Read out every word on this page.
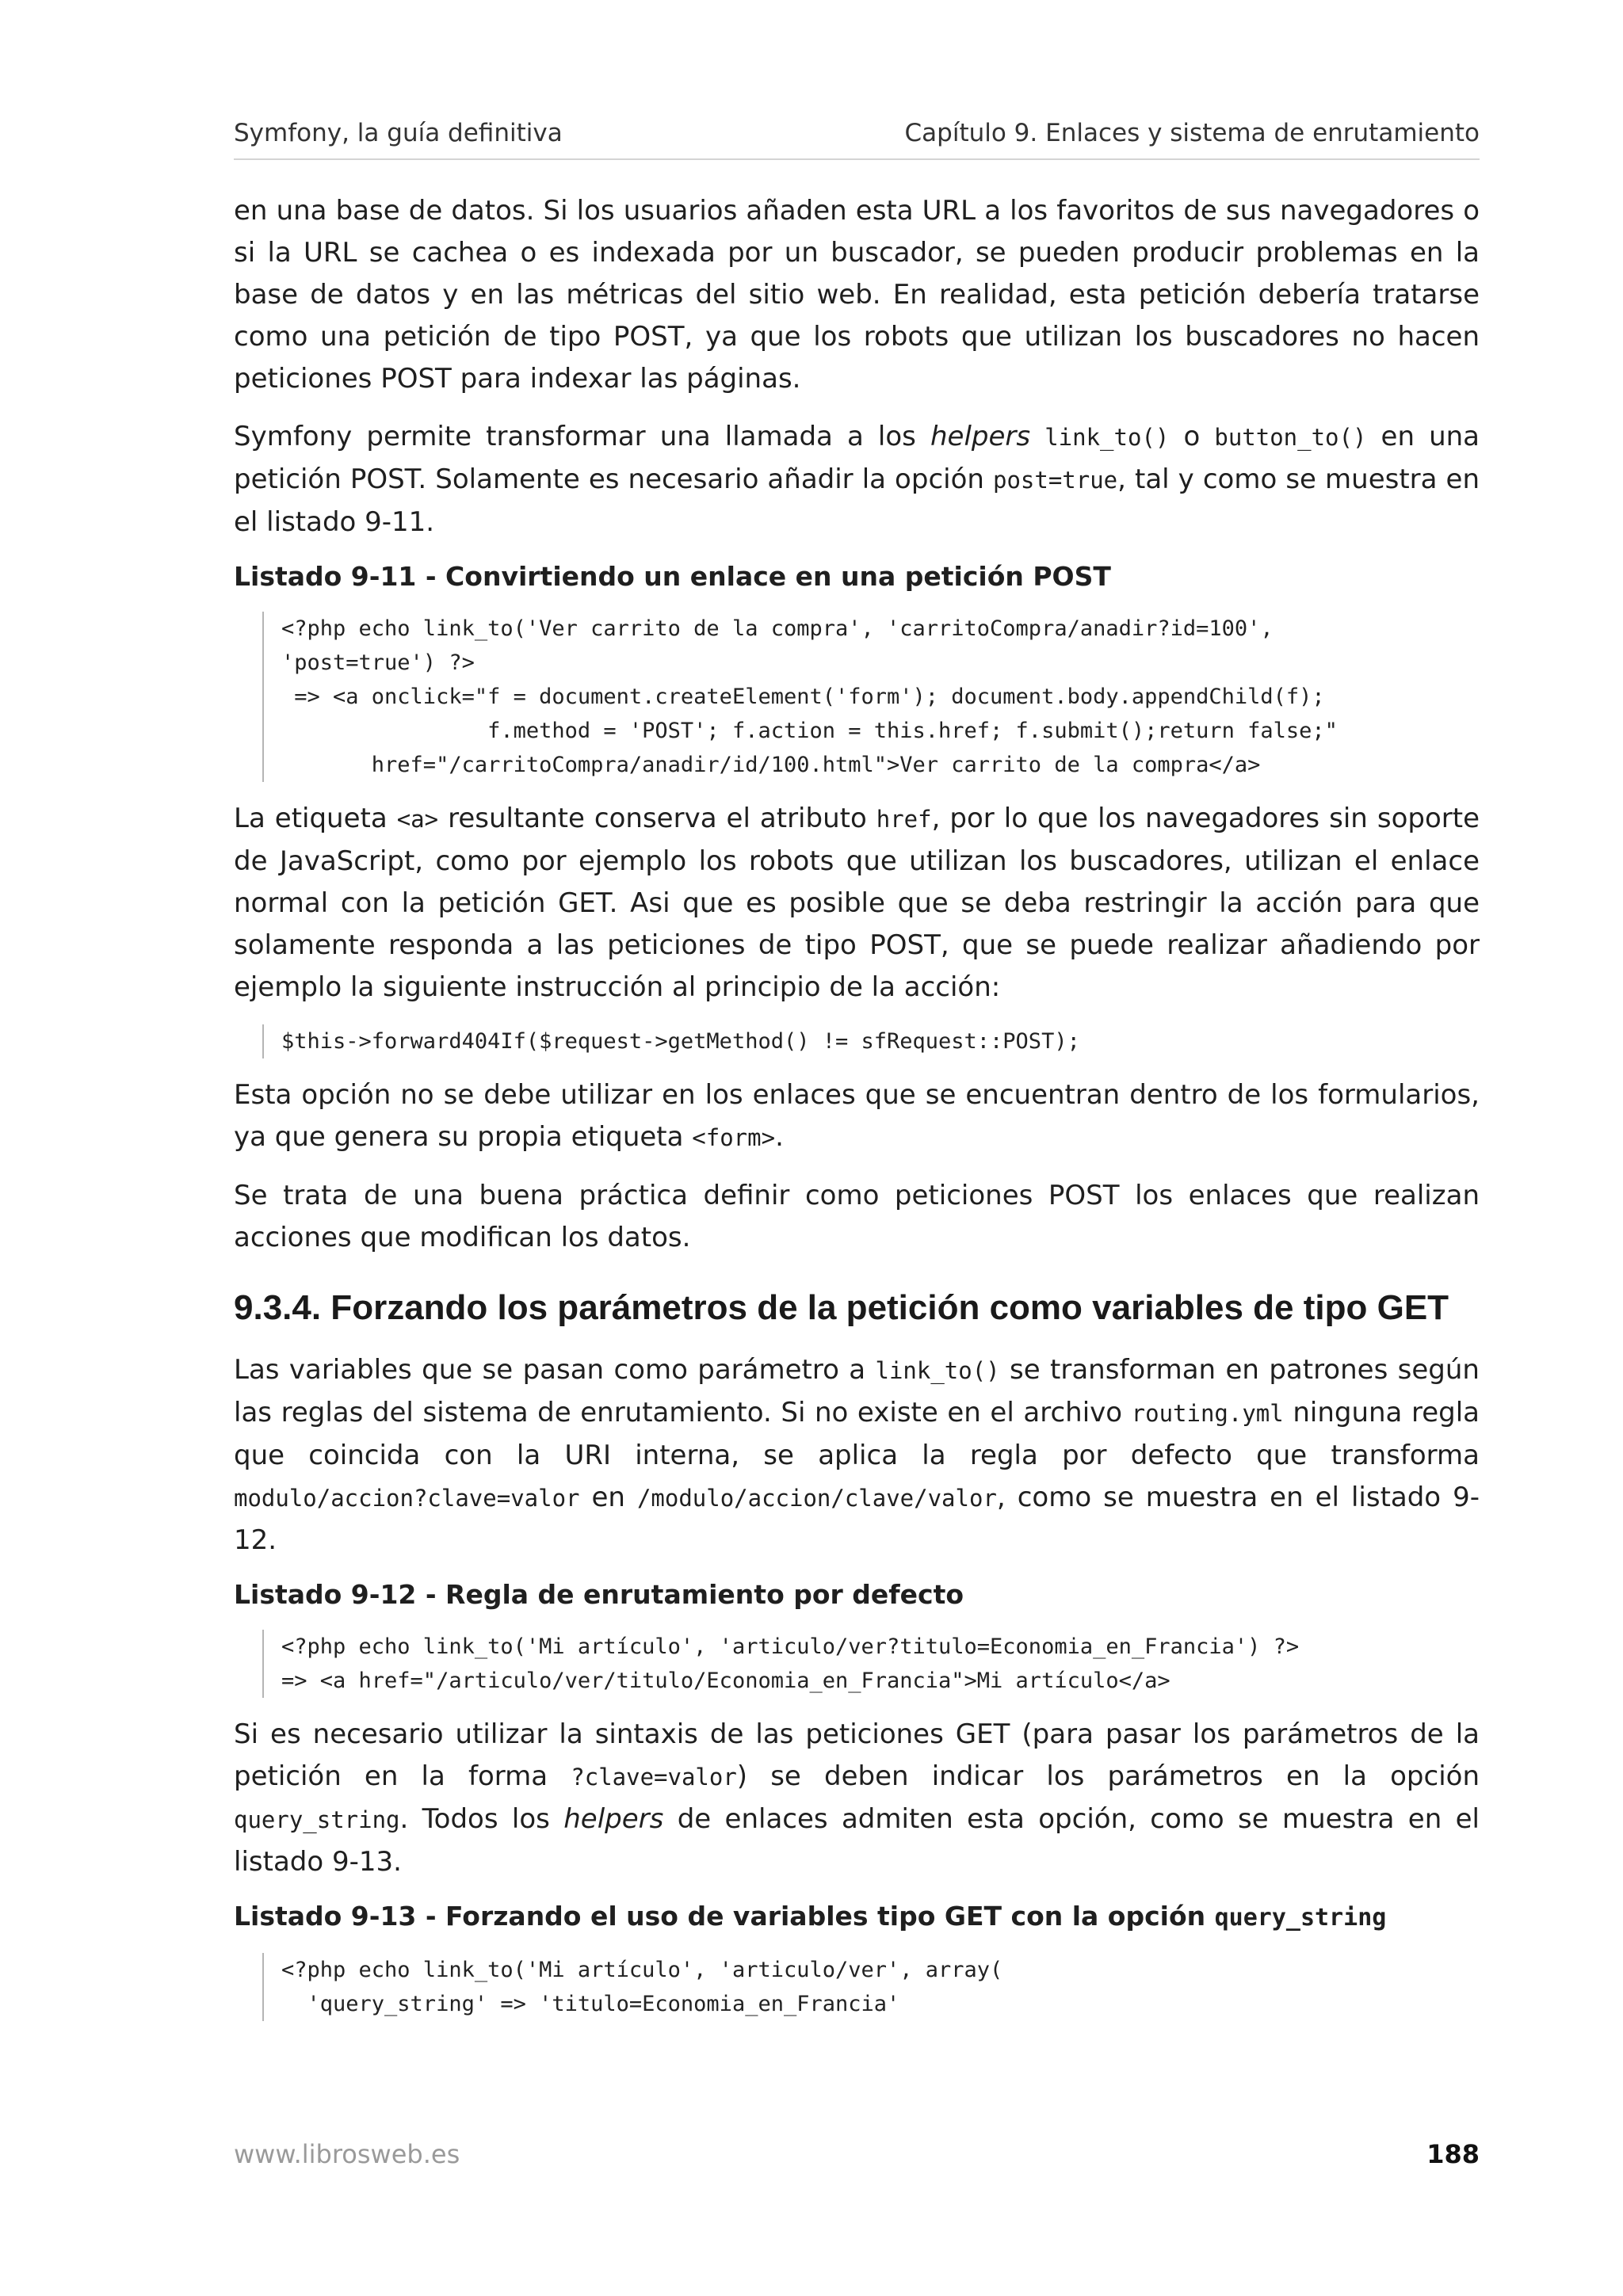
Symfony, la guía definitiva	Capítulo 9. Enlaces y sistema de enrutamiento

en una base de datos. Si los usuarios añaden esta URL a los favoritos de sus navegadores o si la URL se cachea o es indexada por un buscador, se pueden producir problemas en la base de datos y en las métricas del sitio web. En realidad, esta petición debería tratarse como una petición de tipo POST, ya que los robots que utilizan los buscadores no hacen peticiones POST para indexar las páginas.

Symfony permite transformar una llamada a los helpers link_to() o button_to() en una petición POST. Solamente es necesario añadir la opción post=true, tal y como se muestra en el listado 9-11.

Listado 9-11 - Convirtiendo un enlace en una petición POST
<?php echo link_to('Ver carrito de la compra', 'carritoCompra/anadir?id=100',
'post=true') ?>
=> <a onclick="f = document.createElement('form'); document.body.appendChild(f);
f.method = 'POST'; f.action = this.href; f.submit();return false;"
href="/carritoCompra/anadir/id/100.html">Ver carrito de la compra</a>

La etiqueta <a> resultante conserva el atributo href, por lo que los navegadores sin soporte de JavaScript, como por ejemplo los robots que utilizan los buscadores, utilizan el enlace normal con la petición GET. Asi que es posible que se deba restringir la acción para que solamente responda a las peticiones de tipo POST, que se puede realizar añadiendo por ejemplo la siguiente instrucción al principio de la acción:

$this->forward404If($request->getMethod() != sfRequest::POST);

Esta opción no se debe utilizar en los enlaces que se encuentran dentro de los formularios, ya que genera su propia etiqueta <form>.

Se trata de una buena práctica definir como peticiones POST los enlaces que realizan acciones que modifican los datos.

9.3.4. Forzando los parámetros de la petición como variables de tipo GET

Las variables que se pasan como parámetro a link_to() se transforman en patrones según las reglas del sistema de enrutamiento. Si no existe en el archivo routing.yml ninguna regla que coincida con la URI interna, se aplica la regla por defecto que transforma modulo/accion?clave=valor en /modulo/accion/clave/valor, como se muestra en el listado 9-12.

Listado 9-12 - Regla de enrutamiento por defecto
<?php echo link_to('Mi artículo', 'articulo/ver?titulo=Economia_en_Francia') ?>
=> <a href="/articulo/ver/titulo/Economia_en_Francia">Mi artículo</a>

Si es necesario utilizar la sintaxis de las peticiones GET (para pasar los parámetros de la petición en la forma ?clave=valor) se deben indicar los parámetros en la opción query_string. Todos los helpers de enlaces admiten esta opción, como se muestra en el listado 9-13.

Listado 9-13 - Forzando el uso de variables tipo GET con la opción query_string
<?php echo link_to('Mi artículo', 'articulo/ver', array(
'query_string' => 'titulo=Economia_en_Francia'
www.librosweb.es	188
